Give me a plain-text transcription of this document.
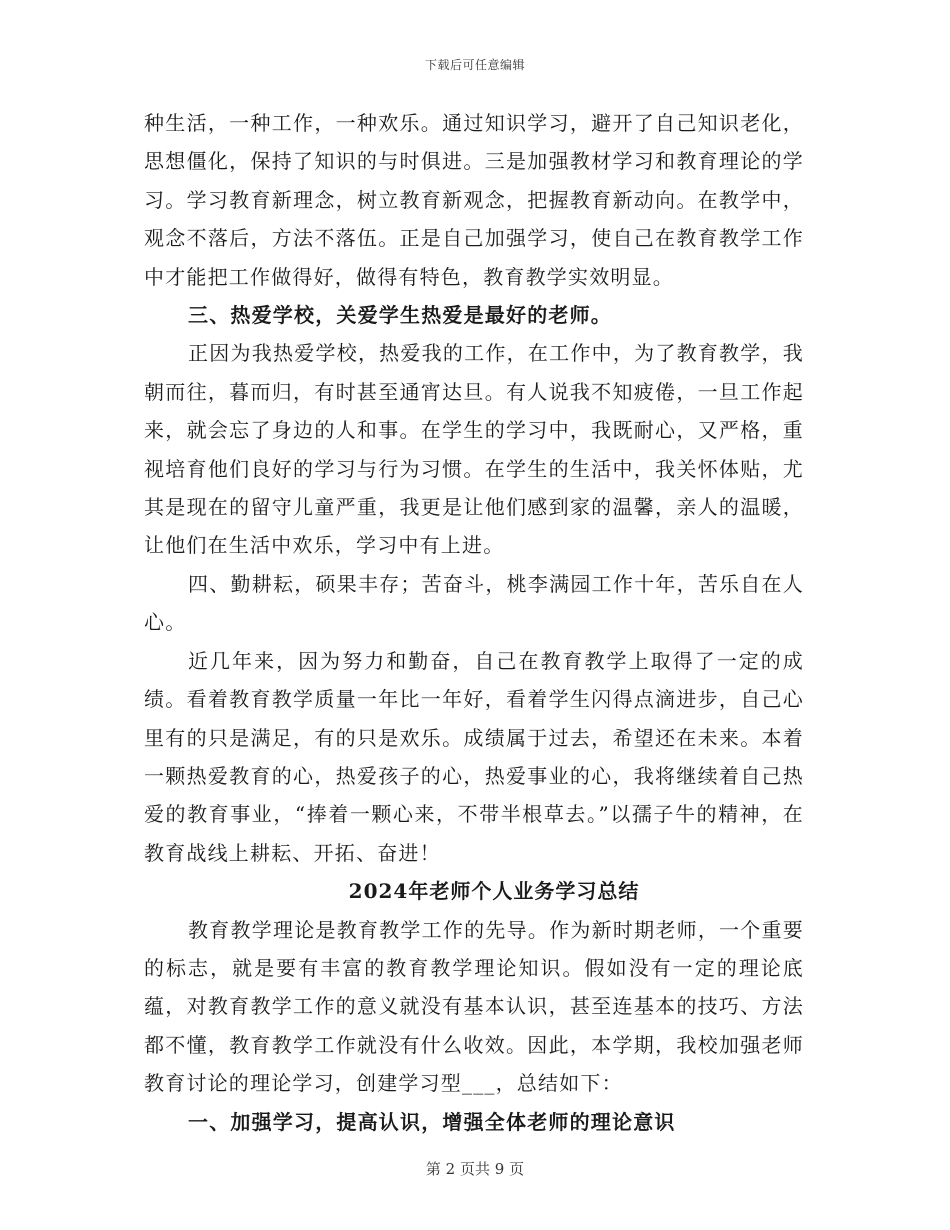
下载后可任意编辑

种生活，一种工作，一种欢乐。通过知识学习，避开了自己知识老化，思想僵化，保持了知识的与时俱进。三是加强教材学习和教育理论的学习。学习教育新理念，树立教育新观念，把握教育新动向。在教学中，观念不落后，方法不落伍。正是自己加强学习，使自己在教育教学工作中才能把工作做得好，做得有特色，教育教学实效明显。

三、热爱学校，关爱学生热爱是最好的老师。

正因为我热爱学校，热爱我的工作，在工作中，为了教育教学，我朝而往，暮而归，有时甚至通宵达旦。有人说我不知疲倦，一旦工作起来，就会忘了身边的人和事。在学生的学习中，我既耐心，又严格，重视培育他们良好的学习与行为习惯。在学生的生活中，我关怀体贴，尤其是现在的留守儿童严重，我更是让他们感到家的温馨，亲人的温暖，让他们在生活中欢乐，学习中有上进。

四、勤耕耘，硕果丰存；苦奋斗，桃李满园工作十年，苦乐自在人心。

近几年来，因为努力和勤奋，自己在教育教学上取得了一定的成绩。看着教育教学质量一年比一年好，看着学生闪得点滴进步，自己心里有的只是满足，有的只是欢乐。成绩属于过去，希望还在未来。本着一颗热爱教育的心，热爱孩子的心，热爱事业的心，我将继续着自己热爱的教育事业，“捧着一颗心来，不带半根草去。”以孺子牛的精神，在教育战线上耕耘、开拓、奋进！

2024年老师个人业务学习总结

教育教学理论是教育教学工作的先导。作为新时期老师，一个重要的标志，就是要有丰富的教育教学理论知识。假如没有一定的理论底蕴，对教育教学工作的意义就没有基本认识，甚至连基本的技巧、方法都不懂，教育教学工作就没有什么收效。因此，本学期，我校加强老师教育讨论的理论学习，创建学习型___，总结如下：

一、加强学习，提高认识，增强全体老师的理论意识

第 2 页共 9 页
